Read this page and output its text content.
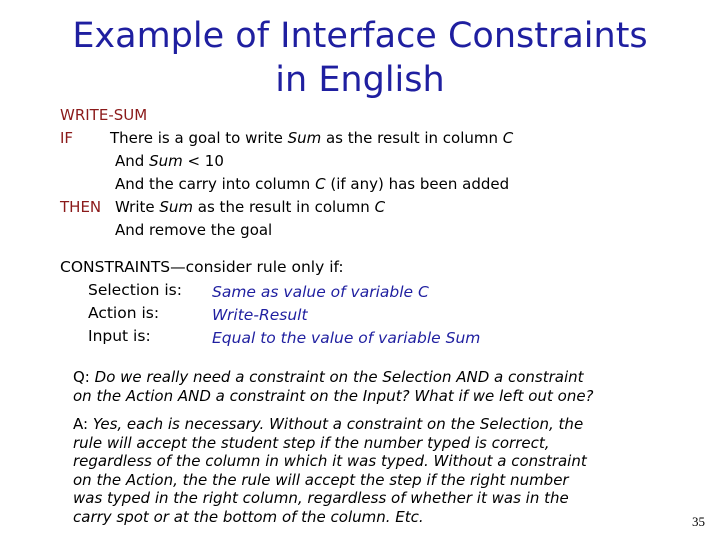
Example of Interface Constraints
in English
WRITE-SUM
IF There is a goal to write Sum as the result in column C
And Sum < 10
And the carry into column C (if any) has been added
THEN Write Sum as the result in column C
And remove the goal
CONSTRAINTS—consider rule only if:
Selection is: Same as value of variable C
Action is:	Write-Result
Input is:	Equal to the value of variable Sum
Q: Do we really need a constraint on the Selection AND a constraint
on the Action AND a constraint on the Input? What if we left out one?
A: Yes, each is necessary. Without a constraint on the Selection, the
rule will accept the student step if the number typed is correct,
regardless of the column in which it was typed. Without a constraint
on the Action, the the rule will accept the step if the right number
was typed in the right column, regardless of whether it was in the
carry spot or at the bottom of the column. Etc.	35
